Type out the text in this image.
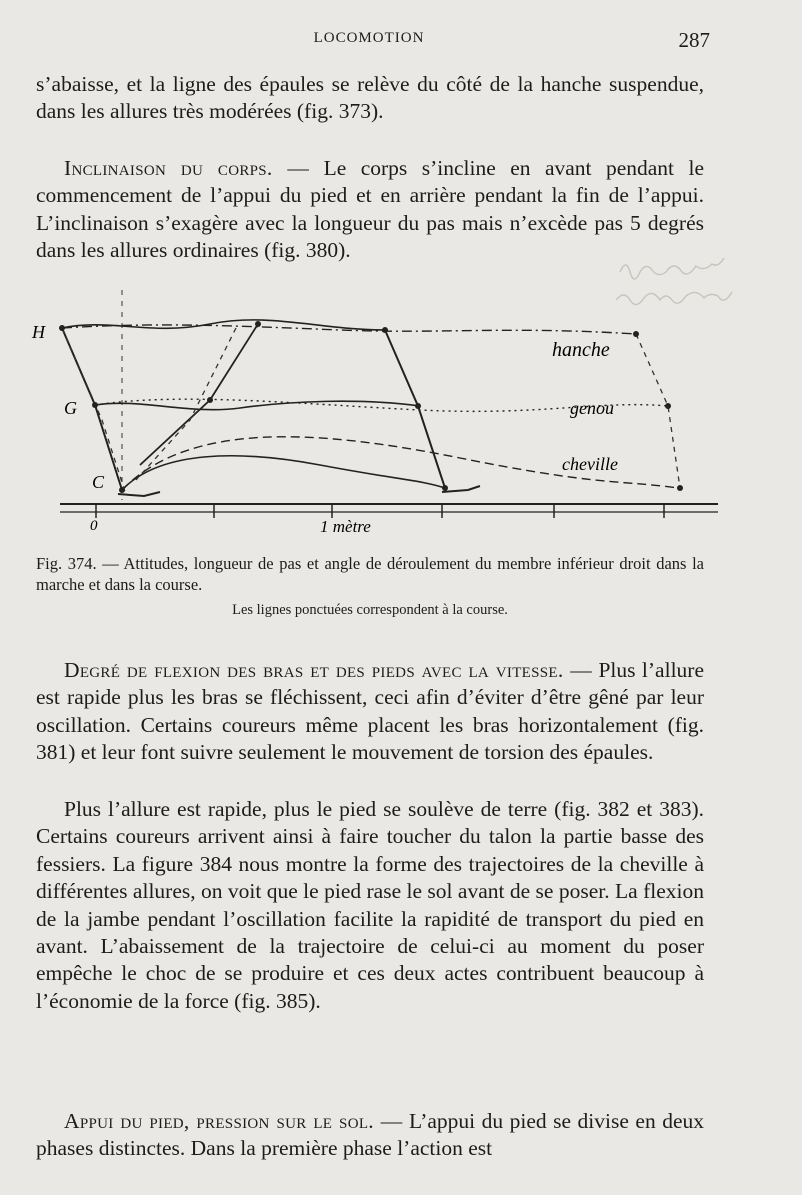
LOCOMOTION	287

s’abaisse, et la ligne des épaules se relève du côté de la hanche suspendue, dans les allures très modérées (fig. 373).

Inclinaison du corps. — Le corps s’incline en avant pendant le commencement de l’appui du pied et en arrière pendant la fin de l’appui. L’inclinaison s’exagère avec la longueur du pas mais n’excède pas 5 degrés dans les allures ordinaires (fig. 380).

H
G
C
0	1 mètre
hanche
genou
cheville

Fig. 374. — Attitudes, longueur de pas et angle de déroulement du membre inférieur droit dans la marche et dans la course.

Les lignes ponctuées correspondent à la course.

Degré de flexion des bras et des pieds avec la vitesse. — Plus l’allure est rapide plus les bras se fléchissent, ceci afin d’éviter d’être gêné par leur oscillation. Certains coureurs même placent les bras horizontalement (fig. 381) et leur font suivre seulement le mouvement de torsion des épaules.

Plus l’allure est rapide, plus le pied se soulève de terre (fig. 382 et 383). Certains coureurs arrivent ainsi à faire toucher du talon la partie basse des fessiers. La figure 384 nous montre la forme des trajectoires de la cheville à différentes allures, on voit que le pied rase le sol avant de se poser. La flexion de la jambe pendant l’oscillation facilite la rapidité de transport du pied en avant. L’abaissement de la trajectoire de celui-ci au moment du poser empêche le choc de se produire et ces deux actes contribuent beaucoup à l’économie de la force (fig. 385).

Appui du pied, pression sur le sol. — L’appui du pied se divise en deux phases distinctes. Dans la première phase l’action est
